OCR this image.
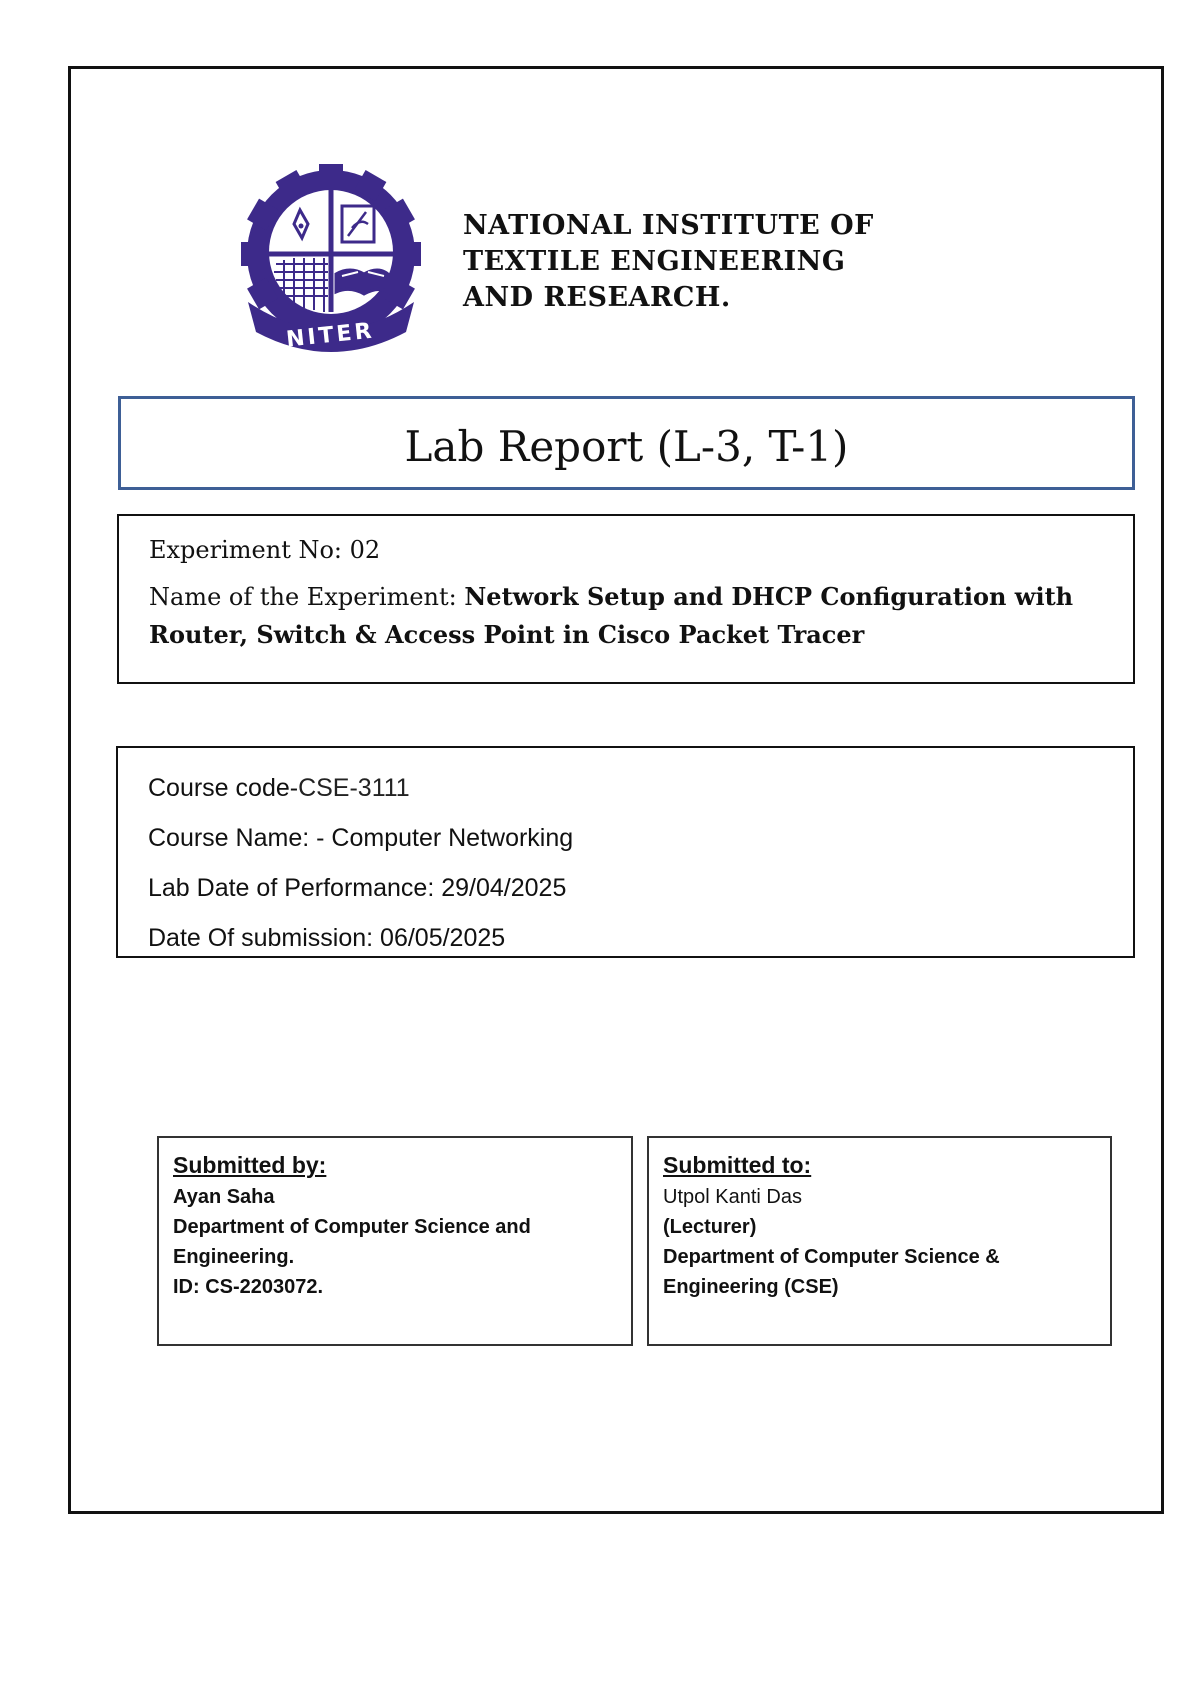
NITER
NATIONAL INSTITUTE OF TEXTILE ENGINEERING AND RESEARCH.
Lab Report (L-3, T-1)
Experiment No: 02
Name of the Experiment: Network Setup and DHCP Configuration with Router, Switch & Access Point in Cisco Packet Tracer
Course code-CSE-3111
Course Name: - Computer Networking
Lab Date of Performance: 29/04/2025
Date Of submission: 06/05/2025
Submitted by:
Ayan Saha
Department of Computer Science and Engineering.
ID: CS-2203072.
Submitted to:
Utpol Kanti Das
(Lecturer)
Department of Computer Science & Engineering (CSE)
